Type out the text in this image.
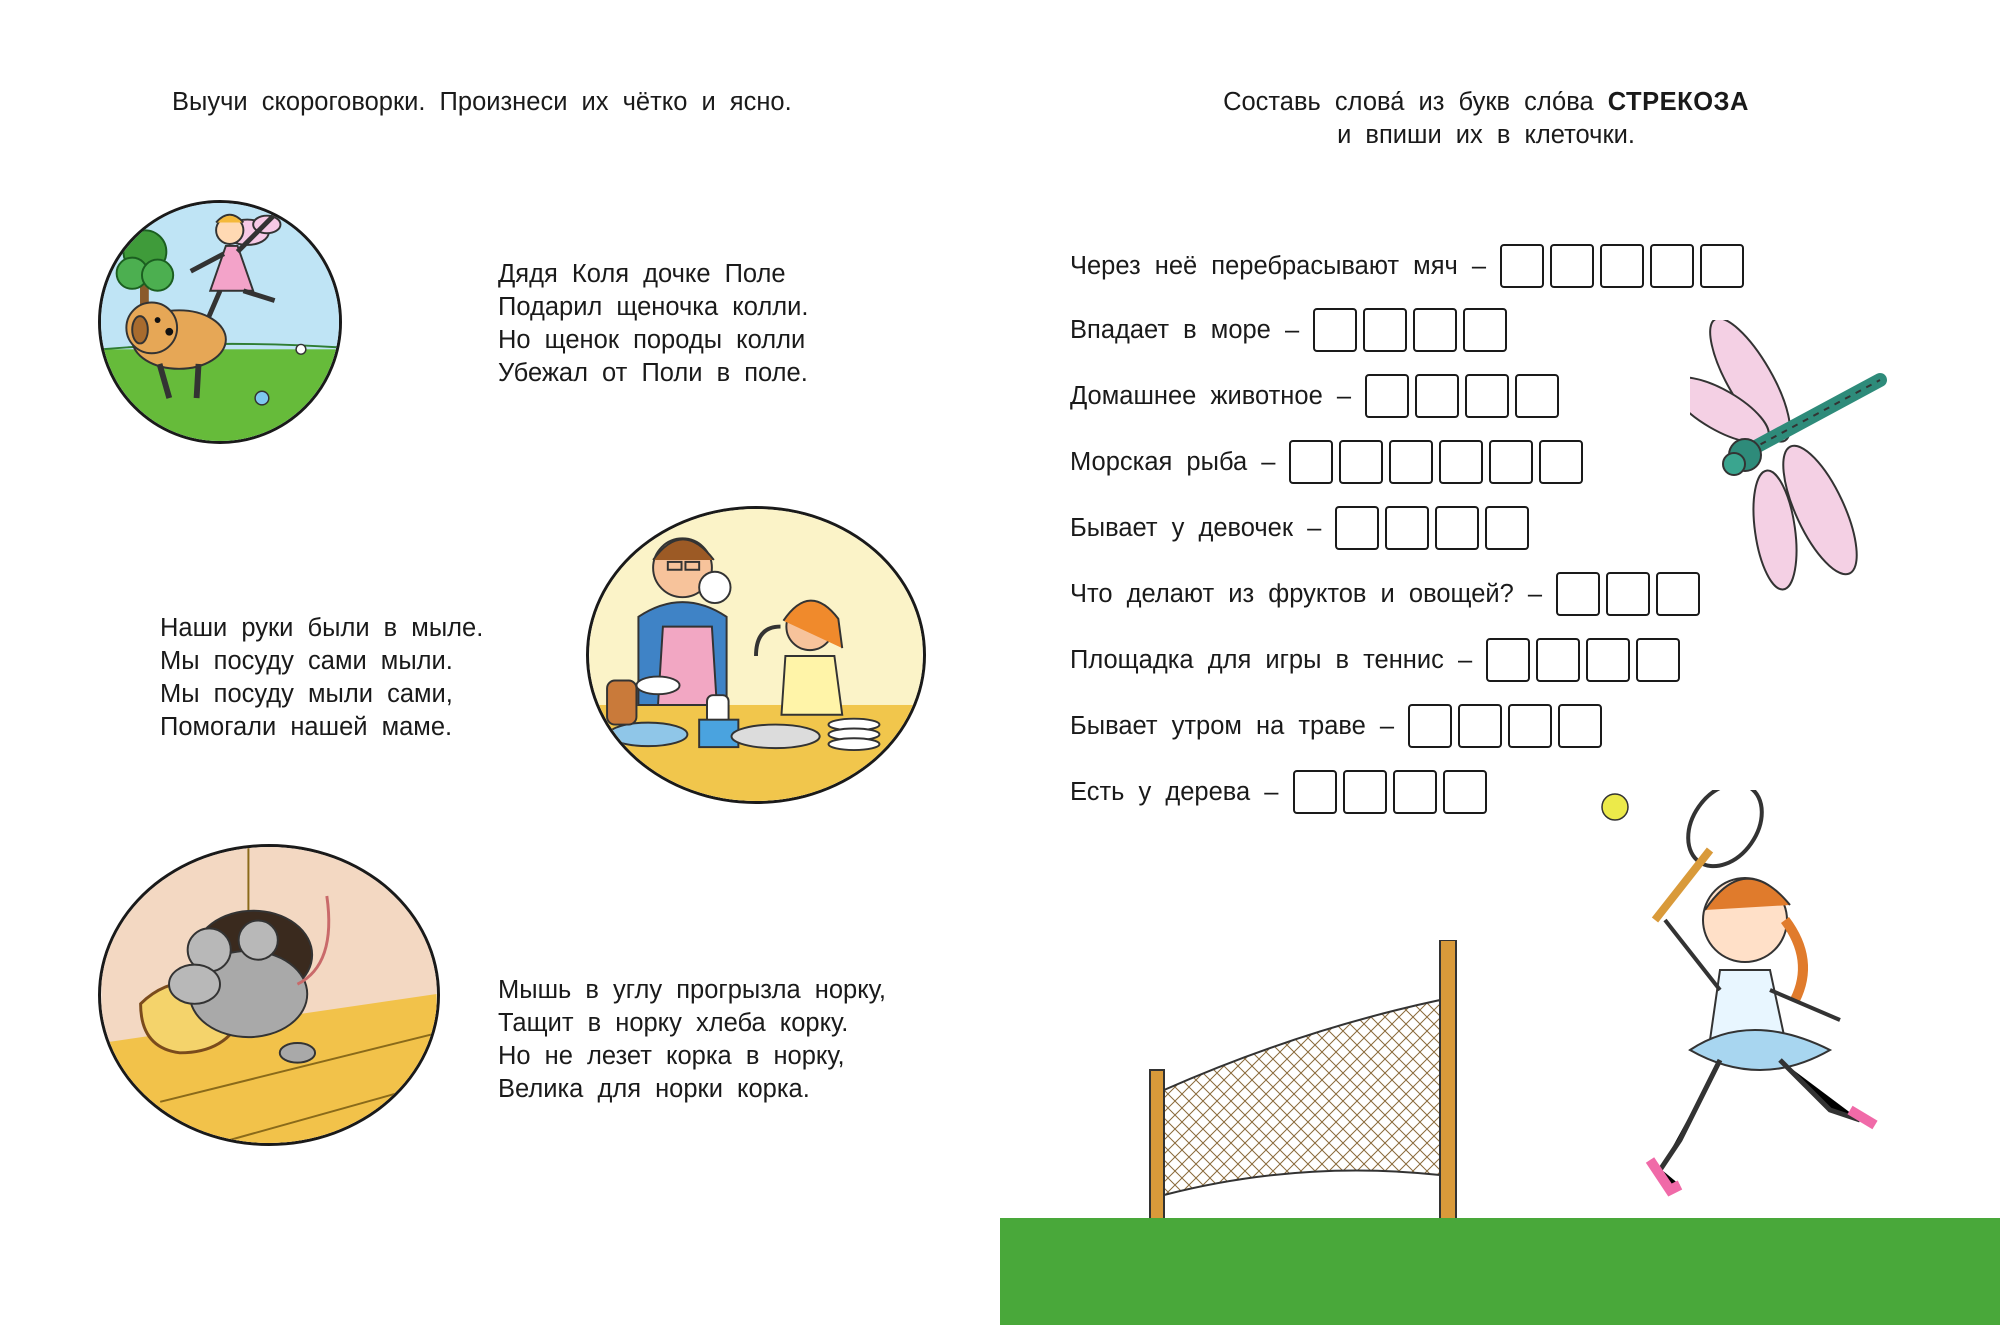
Выучи скороговорки. Произнеси их чётко и ясно.
Дядя Коля дочке Поле
Подарил щеночка колли.
Но щенок породы колли
Убежал от Поли в поле.
Наши руки были в мыле.
Мы посуду сами мыли.
Мы посуду мыли сами,
Помогали нашей маме.
Мышь в углу прогрызла норку,
Тащит в норку хлеба корку.
Но не лезет корка в норку,
Велика для норки корка.
Составь слова́ из букв сло́ва СТРЕКОЗА
и впиши их в клеточки.
Через неё перебрасывают мяч –
Впадает в море –
Домашнее животное –
Морская рыба –
Бывает у девочек –
Что делают из фруктов и овощей? –
Площадка для игры в теннис –
Бывает утром на траве –
Есть у дерева –
